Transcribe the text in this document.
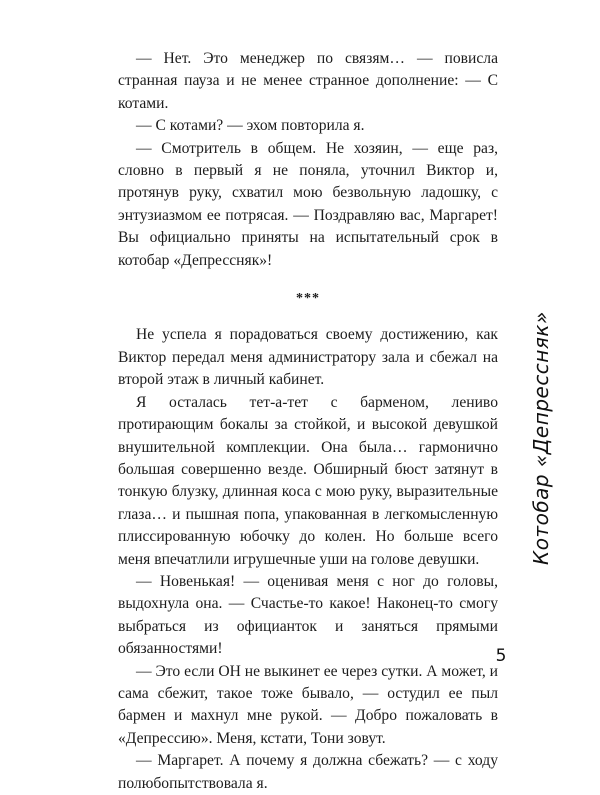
— Нет. Это менеджер по связям… — повисла странная пауза и не менее странное дополнение: — С котами.

— С котами? — эхом повторила я.

— Смотритель в общем. Не хозяин, — еще раз, словно в первый я не поняла, уточнил Виктор и, протянув руку, схватил мою безвольную ладошку, с энтузиазмом ее потрясая. — Поздравляю вас, Маргарет! Вы официально приняты на испытательный срок в котобар «Депрессняк»!

***

Не успела я порадоваться своему достижению, как Виктор передал меня администратору зала и сбежал на второй этаж в личный кабинет.

Я осталась тет-а-тет с барменом, лениво протирающим бокалы за стойкой, и высокой девушкой внушительной комплекции. Она была… гармонично большая совершенно везде. Обширный бюст затянут в тонкую блузку, длинная коса с мою руку, выразительные глаза… и пышная попа, упакованная в легкомысленную плиссированную юбочку до колен. Но больше всего меня впечатлили игрушечные уши на голове девушки.

— Новенькая! — оценивая меня с ног до головы, выдохнула она. — Счастье-то какое! Наконец-то смогу выбраться из официанток и заняться прямыми обязанностями!

— Это если ОН не выкинет ее через сутки. А может, и сама сбежит, такое тоже бывало, — остудил ее пыл бармен и махнул мне рукой. — Добро пожаловать в «Депрессию». Меня, кстати, Тони зовут.

— Маргарет. А почему я должна сбежать? — с ходу полюбопытствовала я.

Котобар «Депрессняк»
5
